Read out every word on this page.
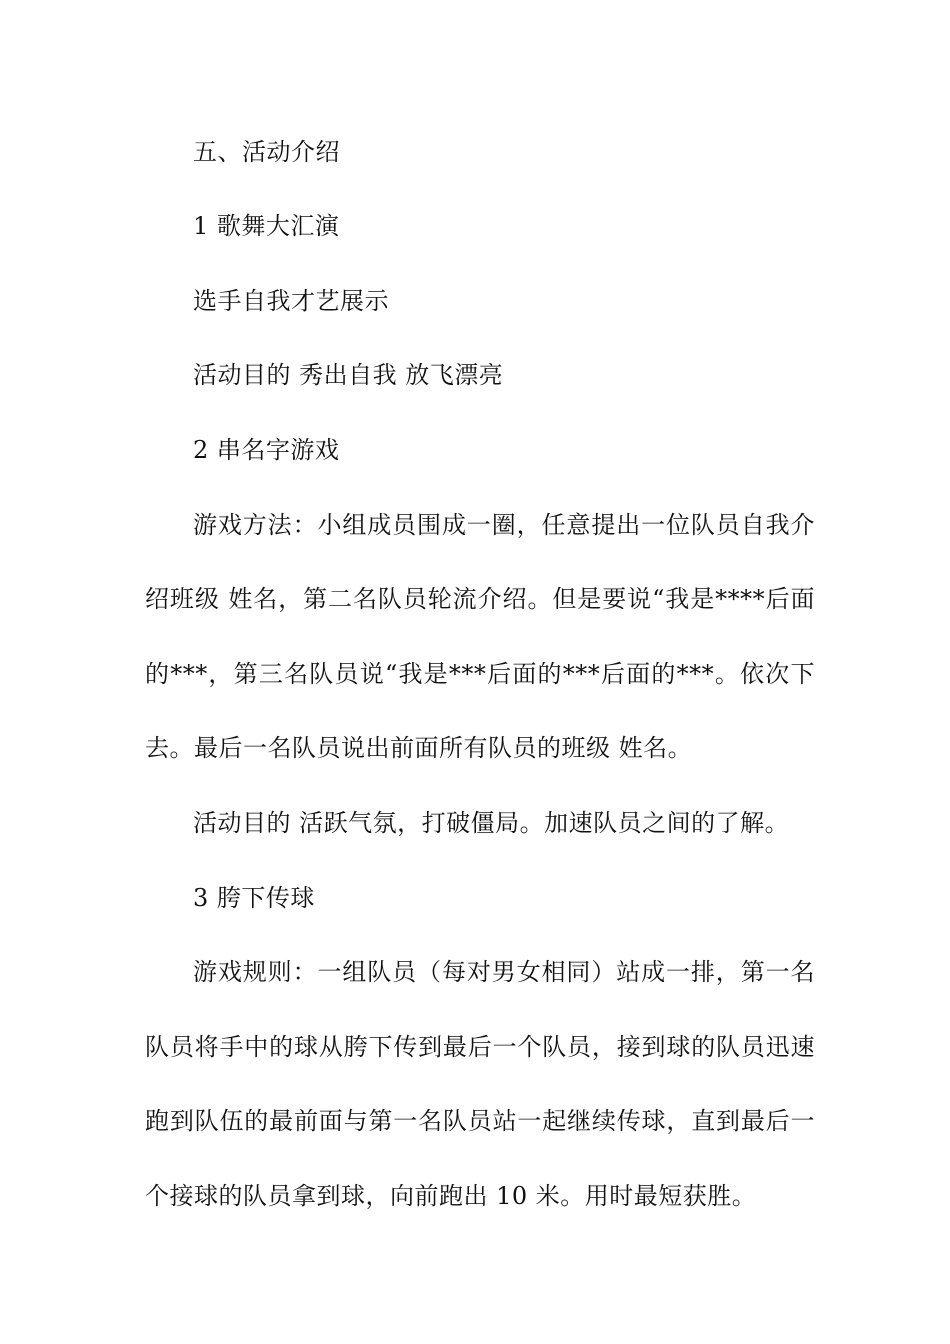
五、活动介绍
1 歌舞大汇演
选手自我才艺展示
活动目的 秀出自我 放飞漂亮
2 串名字游戏
游戏方法：小组成员围成一圈，任意提出一位队员自我介
绍班级 姓名，第二名队员轮流介绍。但是要说“我是****后面
的***，第三名队员说“我是***后面的***后面的***。依次下
去。最后一名队员说出前面所有队员的班级 姓名。
活动目的 活跃气氛，打破僵局。加速队员之间的了解。
3 胯下传球
游戏规则：一组队员（每对男女相同）站成一排，第一名
队员将手中的球从胯下传到最后一个队员，接到球的队员迅速
跑到队伍的最前面与第一名队员站一起继续传球，直到最后一
个接球的队员拿到球，向前跑出 10 米。用时最短获胜。
